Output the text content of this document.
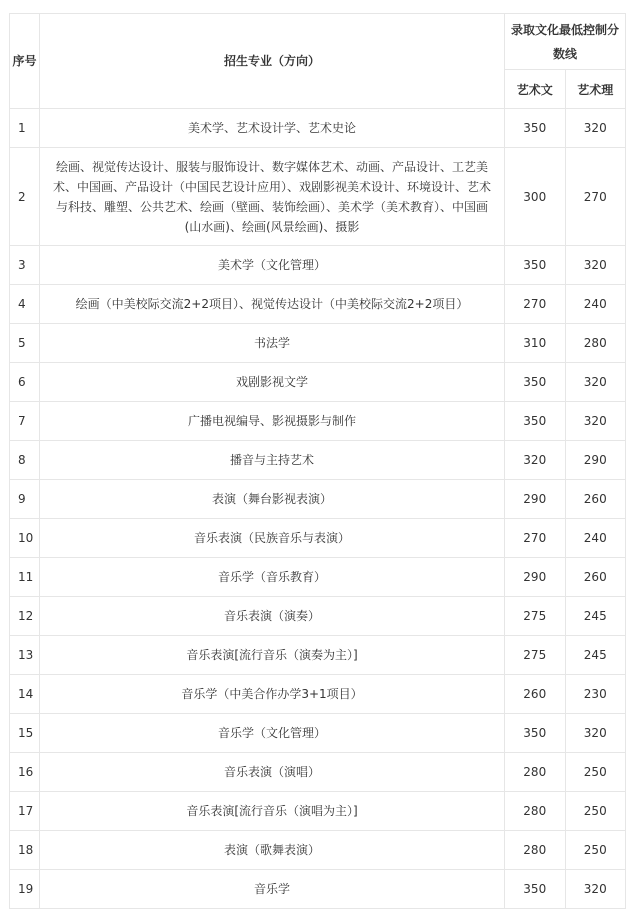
序号	招生专业（方向）	录取文化最低控制分数线	
		艺术文	艺术理
1	美术学、艺术设计学、艺术史论	350	320
2	绘画、视觉传达设计、服装与服饰设计、数字媒体艺术、动画、产品设计、工艺美术、中国画、产品设计（中国民艺设计应用）、戏剧影视美术设计、环境设计、艺术与科技、雕塑、公共艺术、绘画（壁画、装饰绘画）、美术学（美术教育）、中国画(山水画)、绘画(风景绘画)、摄影	300	270
3	美术学（文化管理）	350	320
4	绘画（中美校际交流2+2项目）、视觉传达设计（中美校际交流2+2项目）	270	240
5	书法学	310	280
6	戏剧影视文学	350	320
7	广播电视编导、影视摄影与制作	350	320
8	播音与主持艺术	320	290
9	表演（舞台影视表演）	290	260
10	音乐表演（民族音乐与表演）	270	240
11	音乐学（音乐教育）	290	260
12	音乐表演（演奏）	275	245
13	音乐表演[流行音乐（演奏为主）]	275	245
14	音乐学（中美合作办学3+1项目）	260	230
15	音乐学（文化管理）	350	320
16	音乐表演（演唱）	280	250
17	音乐表演[流行音乐（演唱为主）]	280	250
18	表演（歌舞表演）	280	250
19	音乐学	350	320
